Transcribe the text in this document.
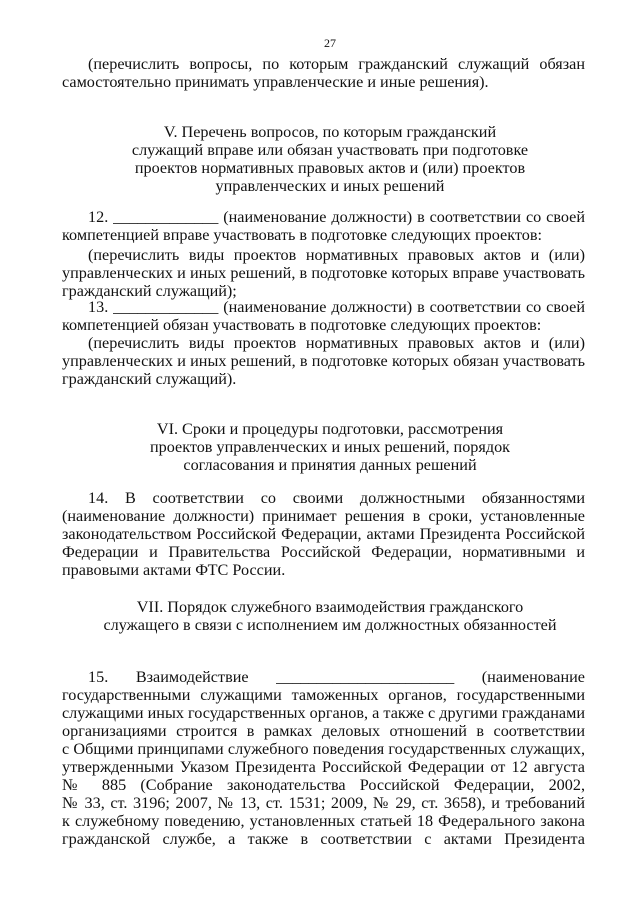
27
(перечислить вопросы, по которым гражданский служащий обязан
самостоятельно принимать управленческие и иные решения).
V. Перечень вопросов, по которым гражданский
служащий вправе или обязан участвовать при подготовке
проектов нормативных правовых актов и (или) проектов
управленческих и иных решений
12. _____________ (наименование должности) в соответствии со своей
компетенцией вправе участвовать в подготовке следующих проектов:
(перечислить виды проектов нормативных правовых актов и (или)
управленческих и иных решений, в подготовке которых вправе участвовать
гражданский служащий);
13. _____________ (наименование должности) в соответствии со своей
компетенцией обязан участвовать в подготовке следующих проектов:
(перечислить виды проектов нормативных правовых актов и (или)
управленческих и иных решений, в подготовке которых обязан участвовать
гражданский служащий).
VI. Сроки и процедуры подготовки, рассмотрения
проектов управленческих и иных решений, порядок
согласования и принятия данных решений
14. В соответствии со своими должностными обязанностями
(наименование должности) принимает решения в сроки, установленные
законодательством Российской Федерации, актами Президента Российской
Федерации и Правительства Российской Федерации, нормативными и
правовыми актами ФТС России.
VII. Порядок служебного взаимодействия гражданского
служащего в связи с исполнением им должностных обязанностей
15. Взаимодействие ______________________ (наименование
государственными служащими таможенных органов, государственными
служащими иных государственных органов, а также с другими гражданами
организациями строится в рамках деловых отношений в соответствии
с Общими принципами служебного поведения государственных служащих,
утвержденными Указом Президента Российской Федерации от 12 августа
№ 885 (Собрание законодательства Российской Федерации, 2002,
№ 33, ст. 3196; 2007, № 13, ст. 1531; 2009, № 29, ст. 3658), и требований
к служебному поведению, установленных статьей 18 Федерального закона
гражданской службе, а также в соответствии с актами Президента
